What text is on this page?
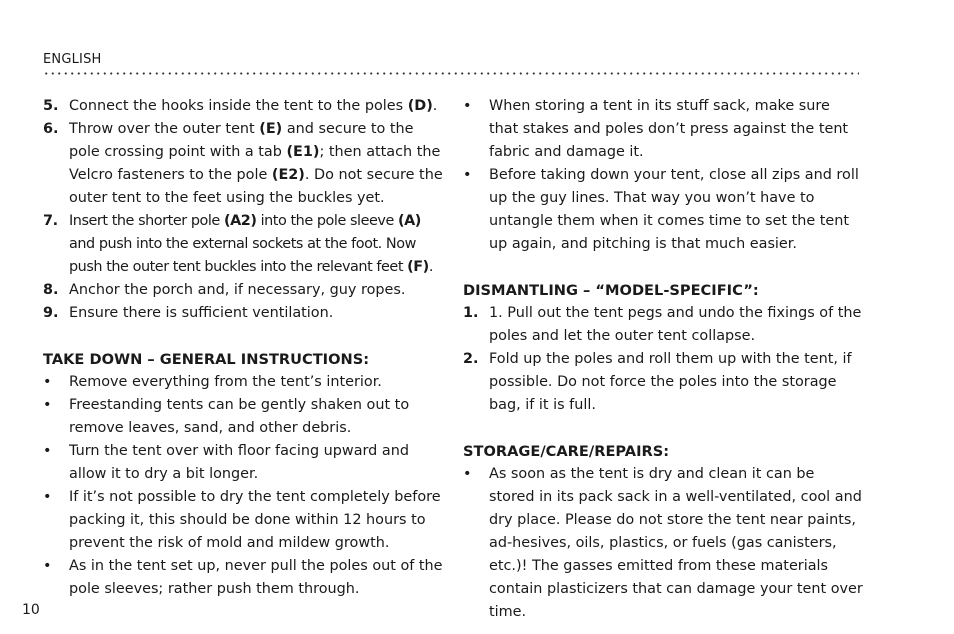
ENGLISH
5. Connect the hooks inside the tent to the poles (D).
6. Throw over the outer tent (E) and secure to the pole crossing point with a tab (E1); then attach the Velcro fasteners to the pole (E2). Do not secure the outer tent to the feet using the buckles yet.
7. Insert the shorter pole (A2) into the pole sleeve (A) and push into the external sockets at the foot. Now push the outer tent buckles into the relevant feet (F).
8. Anchor the porch and, if necessary, guy ropes.
9. Ensure there is sufficient ventilation.
TAKE DOWN – GENERAL INSTRUCTIONS:
• Remove everything from the tent’s interior.
• Freestanding tents can be gently shaken out to remove leaves, sand, and other debris.
• Turn the tent over with floor facing upward and allow it to dry a bit longer.
• If it’s not possible to dry the tent completely before packing it, this should be done within 12 hours to prevent the risk of mold and mildew growth.
• As in the tent set up, never pull the poles out of the pole sleeves; rather push them through.
• When storing a tent in its stuff sack, make sure that stakes and poles don’t press against the tent fabric and damage it.
• Before taking down your tent, close all zips and roll up the guy lines. That way you won’t have to untangle them when it comes time to set the tent up again, and pitching is that much easier.
DISMANTLING – “MODEL-SPECIFIC”:
1. 1. Pull out the tent pegs and undo the fixings of the poles and let the outer tent collapse.
2. Fold up the poles and roll them up with the tent, if possible. Do not force the poles into the storage bag, if it is full.
STORAGE/CARE/REPAIRS:
• As soon as the tent is dry and clean it can be stored in its pack sack in a well-ventilated, cool and dry place. Please do not store the tent near paints, ad-hesives, oils, plastics, or fuels (gas canisters, etc.)! The gasses emitted from these materials contain plasticizers that can damage your tent over time.
10
